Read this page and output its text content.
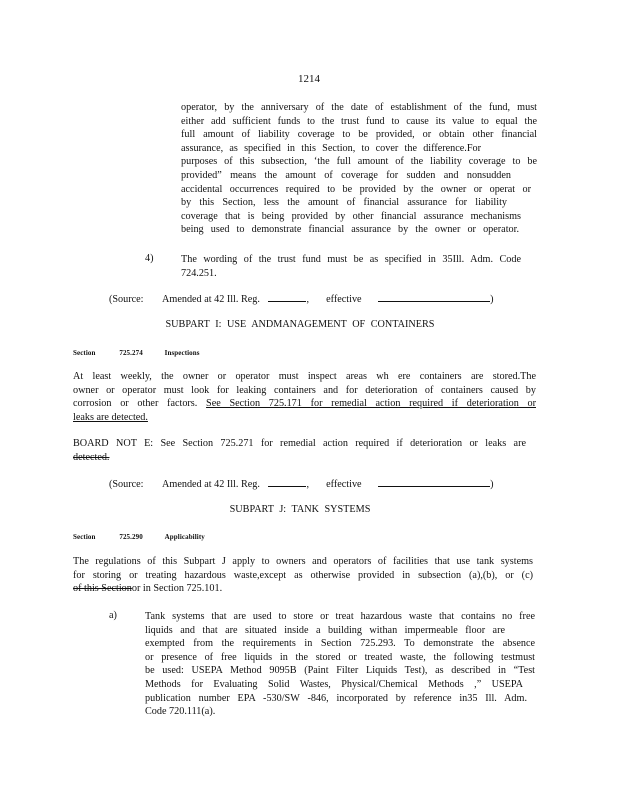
1214
operator, by the anniversary of the date of establishment of the fund, must
either add sufficient funds to the trust fund to cause its value to equal the
full amount of liability coverage to be provided, or obtain other financial
assurance, as specified in this Section, to cover the difference.For
purposes of this subsection, ‘the full amount of the liability coverage to be
provided” means the amount of coverage for sudden and nonsudden
accidental occurrences required to be provided by the owner or operat or
by this Section, less the amount of financial assurance for liability
coverage that is being provided by other financial assurance mechanisms
being used to demonstrate financial assurance by the owner or operator.
4)	The wording of the trust fund must be as specified in 35Ill. Adm. Code
724.251.
(Source: Amended at 42 Ill. Reg.	, effective	)
SUBPART I: USE ANDMANAGEMENT OF CONTAINERS
Section	725.274	Inspections
At least weekly, the owner or operator must inspect areas wh ere containers are stored.The
owner or operator must look for leaking containers and for deterioration of containers caused by
corrosion or other factors. See Section 725.171 for remedial action required if deterioration or
leaks are detected.
BOARD NOT E: See Section 725.271 for remedial action required if deterioration or leaks are
detected.
(Source: Amended at 42 Ill. Reg.	, effective	)
SUBPART J: TANK SYSTEMS
Section	725.290	Applicability
The regulations of this Subpart J apply to owners and operators of facilities that use tank systems
for storing or treating hazardous waste,except as otherwise provided in subsection (a),(b), or (c)
of this Sectionor in Section 725.101.
a)	Tank systems that are used to store or treat hazardous waste that contains no free
liquids and that are situated inside a building withan impermeable floor are
exempted from the requirements in Section 725.293. To demonstrate the absence
or presence of free liquids in the stored or treated waste, the following testmust
be used: USEPA Method 9095B (Paint Filter Liquids Test), as described in “Test
Methods for Evaluating Solid Wastes, Physical/Chemical Methods ,” USEPA
publication number EPA -530/SW -846, incorporated by reference in35 Ill. Adm.
Code 720.111(a).
